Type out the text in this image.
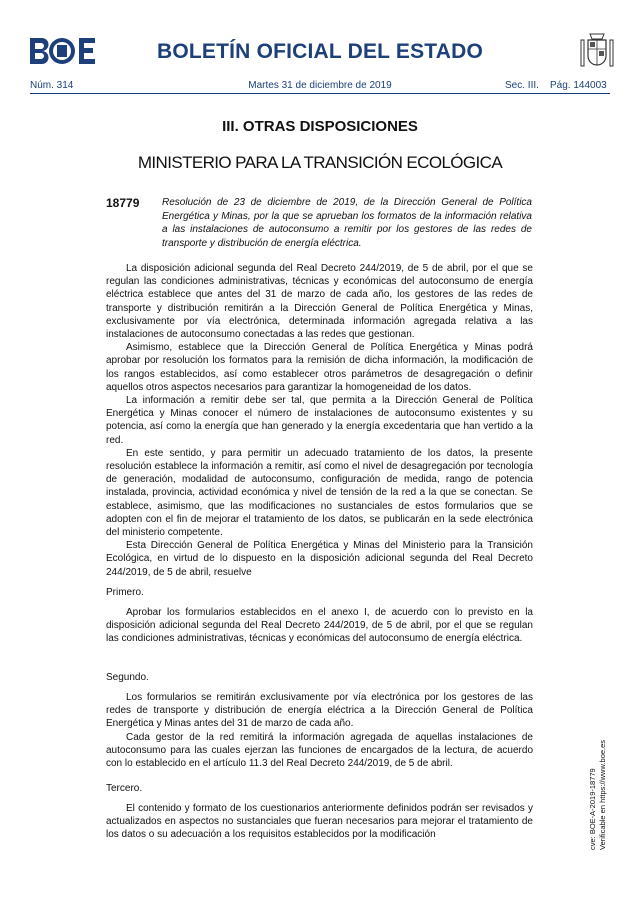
BOLETÍN OFICIAL DEL ESTADO
Núm. 314	Martes 31 de diciembre de 2019	Sec. III. Pág. 144003
III. OTRAS DISPOSICIONES
MINISTERIO PARA LA TRANSICIÓN ECOLÓGICA
18779 Resolución de 23 de diciembre de 2019, de la Dirección General de Política Energética y Minas, por la que se aprueban los formatos de la información relativa a las instalaciones de autoconsumo a remitir por los gestores de las redes de transporte y distribución de energía eléctrica.

La disposición adicional segunda del Real Decreto 244/2019, de 5 de abril, por el que se regulan las condiciones administrativas, técnicas y económicas del autoconsumo de energía eléctrica establece que antes del 31 de marzo de cada año, los gestores de las redes de transporte y distribución remitirán a la Dirección General de Política Energética y Minas, exclusivamente por vía electrónica, determinada información agregada relativa a las instalaciones de autoconsumo conectadas a las redes que gestionan.

Asimismo, establece que la Dirección General de Política Energética y Minas podrá aprobar por resolución los formatos para la remisión de dicha información, la modificación de los rangos establecidos, así como establecer otros parámetros de desagregación o definir aquellos otros aspectos necesarios para garantizar la homogeneidad de los datos.

La información a remitir debe ser tal, que permita a la Dirección General de Política Energética y Minas conocer el número de instalaciones de autoconsumo existentes y su potencia, así como la energía que han generado y la energía excedentaria que han vertido a la red.

En este sentido, y para permitir un adecuado tratamiento de los datos, la presente resolución establece la información a remitir, así como el nivel de desagregación por tecnología de generación, modalidad de autoconsumo, configuración de medida, rango de potencia instalada, provincia, actividad económica y nivel de tensión de la red a la que se conectan. Se establece, asimismo, que las modificaciones no sustanciales de estos formularios que se adopten con el fin de mejorar el tratamiento de los datos, se publicarán en la sede electrónica del ministerio competente.

Esta Dirección General de Política Energética y Minas del Ministerio para la Transición Ecológica, en virtud de lo dispuesto en la disposición adicional segunda del Real Decreto 244/2019, de 5 de abril, resuelve

Primero.

Aprobar los formularios establecidos en el anexo I, de acuerdo con lo previsto en la disposición adicional segunda del Real Decreto 244/2019, de 5 de abril, por el que se regulan las condiciones administrativas, técnicas y económicas del autoconsumo de energía eléctrica.

Segundo.

Los formularios se remitirán exclusivamente por vía electrónica por los gestores de las redes de transporte y distribución de energía eléctrica a la Dirección General de Política Energética y Minas antes del 31 de marzo de cada año.

Cada gestor de la red remitirá la información agregada de aquellas instalaciones de autoconsumo para las cuales ejerzan las funciones de encargados de la lectura, de acuerdo con lo establecido en el artículo 11.3 del Real Decreto 244/2019, de 5 de abril.

Tercero.

El contenido y formato de los cuestionarios anteriormente definidos podrán ser revisados y actualizados en aspectos no sustanciales que fueran necesarios para mejorar el tratamiento de los datos o su adecuación a los requisitos establecidos por la modificación	cve: BOE-A-2019-18779 Verificable en https://www.boe.es
